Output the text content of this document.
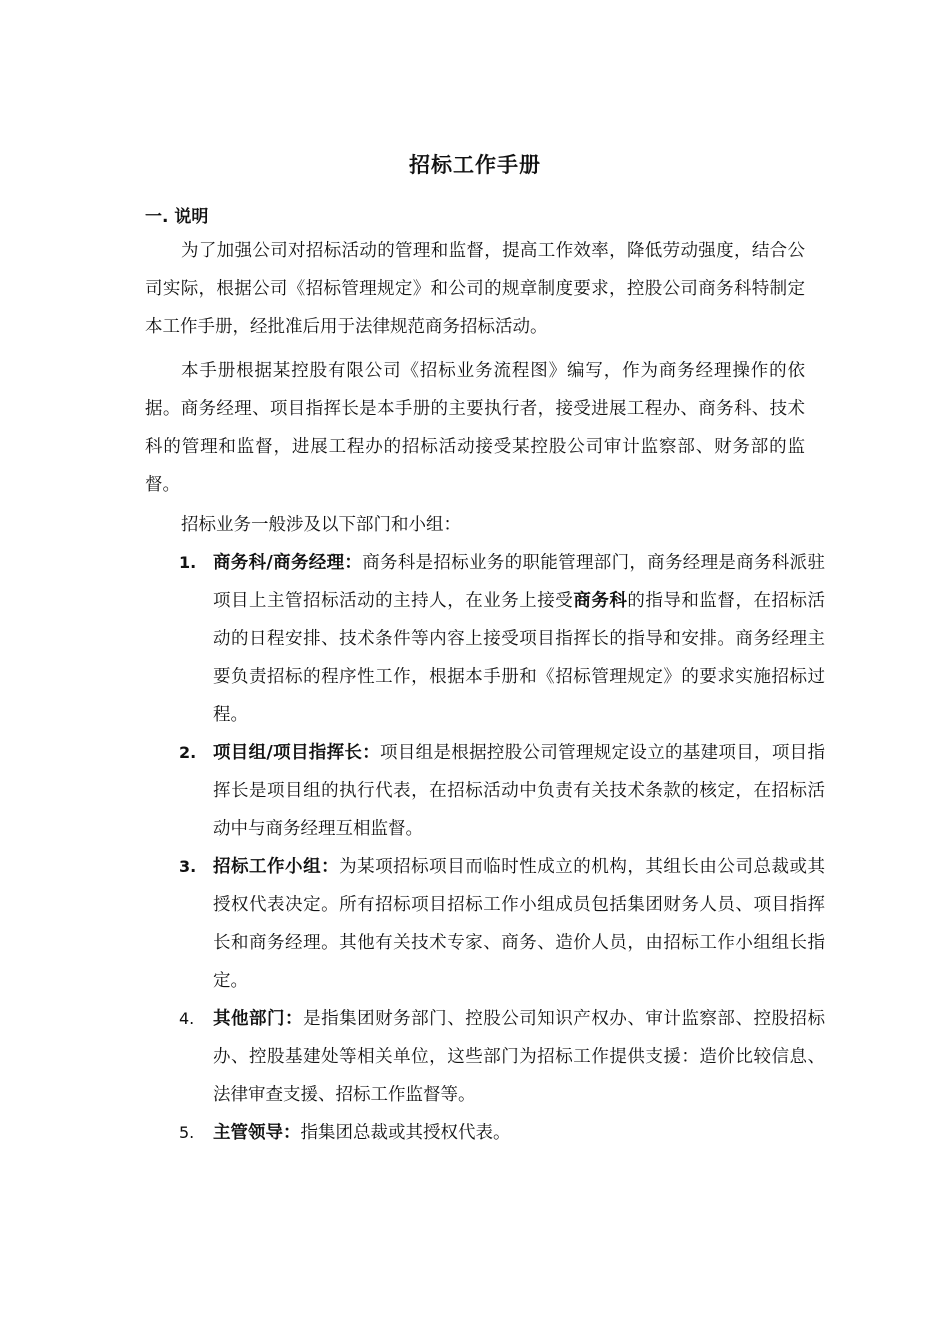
招标工作手册
一. 说明
为了加强公司对招标活动的管理和监督，提高工作效率，降低劳动强度，结合公司实际，根据公司《招标管理规定》和公司的规章制度要求，控股公司商务科特制定本工作手册，经批准后用于法律规范商务招标活动。
本手册根据某控股有限公司《招标业务流程图》编写，作为商务经理操作的依据。商务经理、项目指挥长是本手册的主要执行者，接受进展工程办、商务科、技术科的管理和监督，进展工程办的招标活动接受某控股公司审计监察部、财务部的监督。
招标业务一般涉及以下部门和小组：
1. 商务科/商务经理：商务科是招标业务的职能管理部门，商务经理是商务科派驻项目上主管招标活动的主持人，在业务上接受商务科的指导和监督，在招标活动的日程安排、技术条件等内容上接受项目指挥长的指导和安排。商务经理主要负责招标的程序性工作，根据本手册和《招标管理规定》的要求实施招标过程。
2. 项目组/项目指挥长：项目组是根据控股公司管理规定设立的基建项目，项目指挥长是项目组的执行代表，在招标活动中负责有关技术条款的核定，在招标活动中与商务经理互相监督。
3. 招标工作小组：为某项招标项目而临时性成立的机构，其组长由公司总裁或其授权代表决定。所有招标项目招标工作小组成员包括集团财务人员、项目指挥长和商务经理。其他有关技术专家、商务、造价人员，由招标工作小组组长指定。
4. 其他部门：是指集团财务部门、控股公司知识产权办、审计监察部、控股招标办、控股基建处等相关单位，这些部门为招标工作提供支援：造价比较信息、法律审查支援、招标工作监督等。
5. 主管领导：指集团总裁或其授权代表。
